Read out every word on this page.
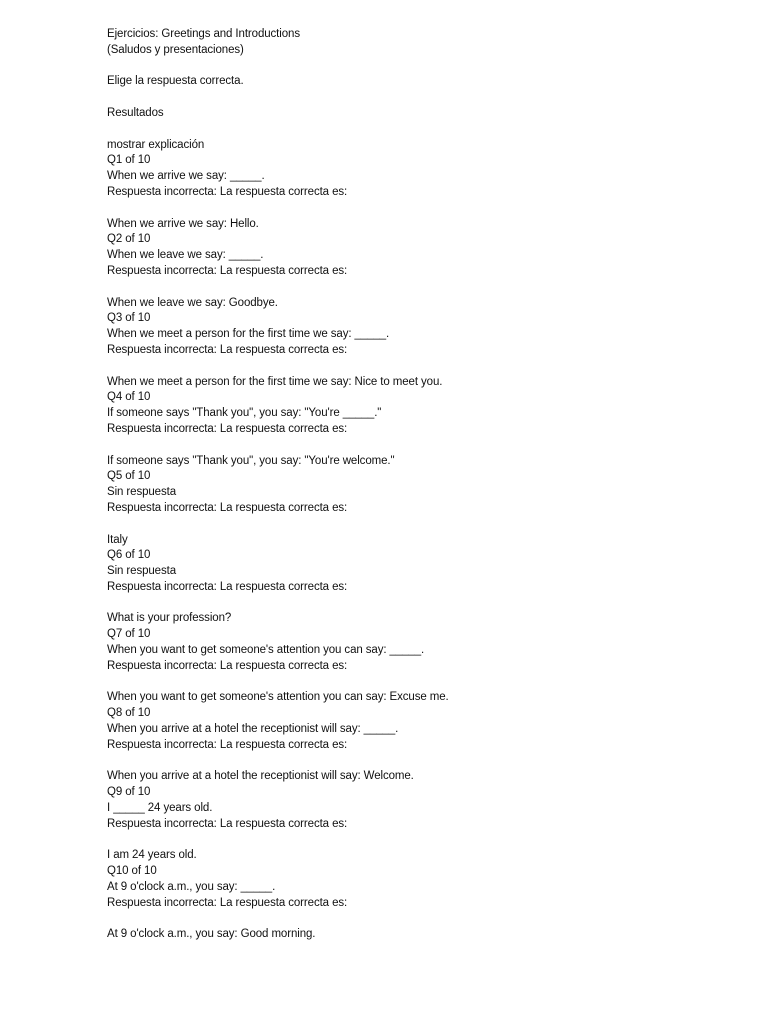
Ejercicios: Greetings and Introductions
(Saludos y presentaciones)
Elige la respuesta correcta.
Resultados
mostrar explicación
Q1 of 10
When we arrive we say: _____.
Respuesta incorrecta: La respuesta correcta es:
When we arrive we say: Hello.
Q2 of 10
When we leave we say: _____.
Respuesta incorrecta: La respuesta correcta es:
When we leave we say: Goodbye.
Q3 of 10
When we meet a person for the first time we say: _____.
Respuesta incorrecta: La respuesta correcta es:
When we meet a person for the first time we say: Nice to meet you.
Q4 of 10
If someone says "Thank you", you say: "You're _____."
Respuesta incorrecta: La respuesta correcta es:
If someone says "Thank you", you say: "You're welcome."
Q5 of 10
Sin respuesta
Respuesta incorrecta: La respuesta correcta es:
Italy
Q6 of 10
Sin respuesta
Respuesta incorrecta: La respuesta correcta es:
What is your profession?
Q7 of 10
When you want to get someone's attention you can say: _____.
Respuesta incorrecta: La respuesta correcta es:
When you want to get someone's attention you can say: Excuse me.
Q8 of 10
When you arrive at a hotel the receptionist will say: _____.
Respuesta incorrecta: La respuesta correcta es:
When you arrive at a hotel the receptionist will say: Welcome.
Q9 of 10
I _____ 24 years old.
Respuesta incorrecta: La respuesta correcta es:
I am 24 years old.
Q10 of 10
At 9 o'clock a.m., you say: _____.
Respuesta incorrecta: La respuesta correcta es:
At 9 o'clock a.m., you say: Good morning.
